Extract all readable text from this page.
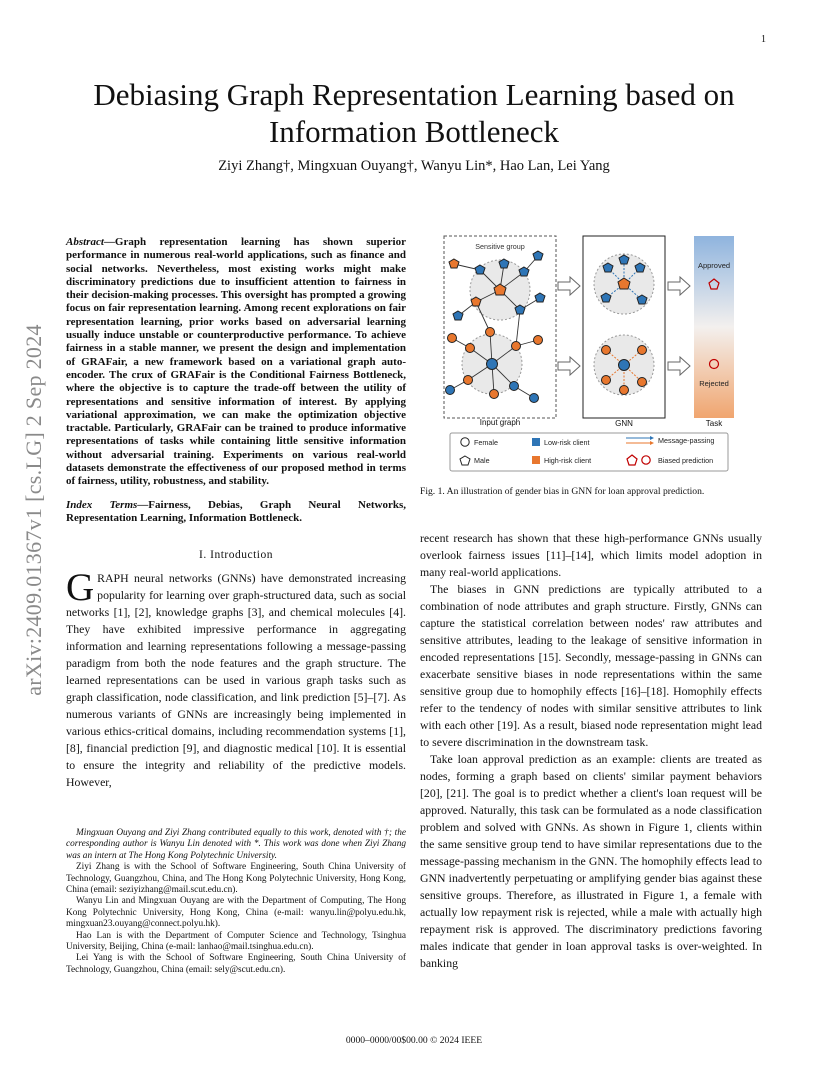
1
arXiv:2409.01367v1 [cs.LG] 2 Sep 2024
Debiasing Graph Representation Learning based on Information Bottleneck
Ziyi Zhang†, Mingxuan Ouyang†, Wanyu Lin*, Hao Lan, Lei Yang
Abstract—Graph representation learning has shown superior performance in numerous real-world applications, such as finance and social networks. Nevertheless, most existing works might make discriminatory predictions due to insufficient attention to fairness in their decision-making processes. This oversight has prompted a growing focus on fair representation learning. Among recent explorations on fair representation learning, prior works based on adversarial learning usually induce unstable or counterproductive performance. To achieve fairness in a stable manner, we present the design and implementation of GRAFair, a new framework based on a variational graph auto-encoder. The crux of GRAFair is the Conditional Fairness Bottleneck, where the objective is to capture the trade-off between the utility of representations and sensitive information of interest. By applying variational approximation, we can make the optimization objective tractable. Particularly, GRAFair can be trained to produce informative representations of tasks while containing little sensitive information without adversarial training. Experiments on various real-world datasets demonstrate the effectiveness of our proposed method in terms of fairness, utility, robustness, and stability.
Index Terms—Fairness, Debias, Graph Neural Networks, Representation Learning, Information Bottleneck.
I. Introduction

GRAPH neural networks (GNNs) have demonstrated increasing popularity for learning over graph-structured data, such as social networks [1], [2], knowledge graphs [3], and chemical molecules [4]. They have exhibited impressive performance in aggregating information and learning representations following a message-passing paradigm from both the node features and the graph structure. The learned representations can be used in various graph tasks such as graph classification, node classification, and link prediction [5]–[7]. As numerous variants of GNNs are increasingly being implemented in various ethics-critical domains, including recommendation systems [1], [8], financial prediction [9], and diagnostic medical [10]. It is essential to ensure the integrity and reliability of the predictive models. However,

Mingxuan Ouyang and Ziyi Zhang contributed equally to this work, denoted with †; the corresponding author is Wanyu Lin denoted with *. This work was done when Ziyi Zhang was an intern at The Hong Kong Polytechnic University.

Ziyi Zhang is with the School of Software Engineering, South China University of Technology, Guangzhou, China, and The Hong Kong Polytechnic University, Hong Kong, China (email: seziyizhang@mail.scut.edu.cn).

Wanyu Lin and Mingxuan Ouyang are with the Department of Computing, The Hong Kong Polytechnic University, Hong Kong, China (e-mail: wanyu.lin@polyu.edu.hk, mingxuan23.ouyang@connect.polyu.hk).

Hao Lan is with the Department of Computer Science and Technology, Tsinghua University, Beijing, China (e-mail: lanhao@mail.tsinghua.edu.cn).

Lei Yang is with the School of Software Engineering, South China University of Technology, Guangzhou, China (email: sely@scut.edu.cn).

Sensitive group
Approved
Rejected
Input graph	GNN	Task
Female
Male
Low-risk client
High-risk client
Message-passing
Biased prediction
Fig. 1. An illustration of gender bias in GNN for loan approval prediction.

recent research has shown that these high-performance GNNs usually overlook fairness issues [11]–[14], which limits model adoption in many real-world applications.

The biases in GNN predictions are typically attributed to a combination of node attributes and graph structure. Firstly, GNNs can capture the statistical correlation between nodes' raw attributes and sensitive attributes, leading to the leakage of sensitive information in encoded representations [15]. Secondly, message-passing in GNNs can exacerbate sensitive biases in node representations within the same sensitive group due to homophily effects [16]–[18]. Homophily effects refer to the tendency of nodes with similar sensitive attributes to link with each other [19]. As a result, biased node representation might lead to severe discrimination in the downstream task.

Take loan approval prediction as an example: clients are treated as nodes, forming a graph based on clients' similar payment behaviors [20], [21]. The goal is to predict whether a client's loan request will be approved. Naturally, this task can be formulated as a node classification problem and solved with GNNs. As shown in Figure 1, clients within the same sensitive group tend to have similar representations due to the message-passing mechanism in the GNN. The homophily effects lead to GNN inadvertently perpetuating or amplifying gender bias against these sensitive groups. Therefore, as illustrated in Figure 1, a female with actually low repayment risk is rejected, while a male with actually high repayment risk is approved. The discriminatory predictions favoring males indicate that gender in loan approval tasks is over-weighted. In banking

0000–0000/00$00.00 © 2024 IEEE
